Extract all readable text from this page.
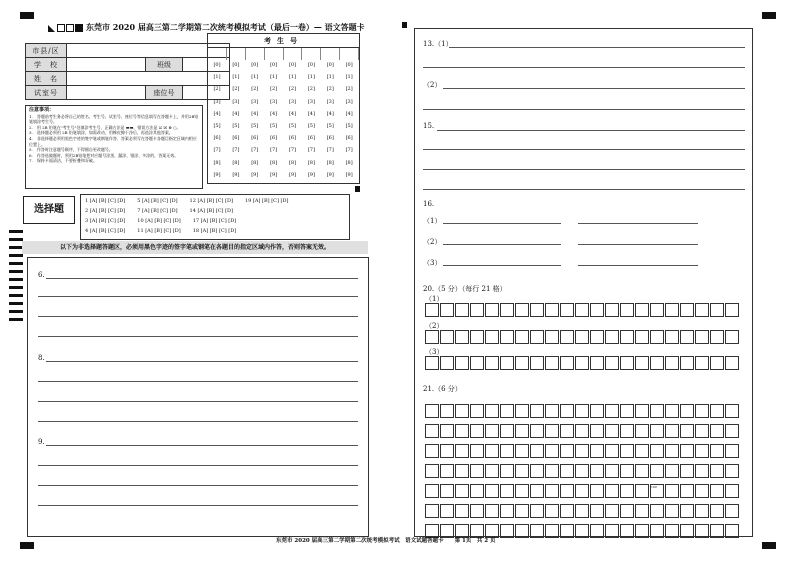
东莞市 2020 届高三第二学期第二次统考模拟考试（最后一卷）— 语文答题卡
市县/区			
学　校		班级	
姓　名			
试室号		座位号	
注意事项：
1.　答题前考生务必将自己的姓名、考生号、试室号、座位号等信息填写在答题卡上，并用2B铅笔填涂考生号。
2.　用 2B 铅笔在"考生号"处填涂考生号，正确方法是 ▬▬，错误方法是 ☑ ☒ ⊗ ○。
3.　选择题必须用 2B 铅笔填涂，如需改动，用橡皮擦干净后，再选涂其他答案。
4.　非选择题必须用黑色字迹的签字笔或钢笔作答，答案必须写在答题卡各题目指定区域内相应位置上。
5.　作答时注意题号顺序，不得擅自更改题号。
6.　作答选做题时，须用2B铅笔把对应题号涂黑，漏涂、错涂、多涂的，答案无效。
7.　保持卡面清洁，不要折叠和弄破。
考生号
[0]	[0]	[0]	[0]	[0]	[0]	[0]	[0]
[1]	[1]	[1]	[1]	[1]	[1]	[1]	[1]
[2]	[2]	[2]	[2]	[2]	[2]	[2]	[2]
[3]	[3]	[3]	[3]	[3]	[3]	[3]	[3]
[4]	[4]	[4]	[4]	[4]	[4]	[4]	[4]
[5]	[5]	[5]	[5]	[5]	[5]	[5]	[5]
[6]	[6]	[6]	[6]	[6]	[6]	[6]	[6]
[7]	[7]	[7]	[7]	[7]	[7]	[7]	[7]
[8]	[8]	[8]	[8]	[8]	[8]	[8]	[8]
[9]	[9]	[9]	[9]	[9]	[9]	[9]	[9]
选择题
1 [A] [B] [C] [D] 5 [A] [B] [C] [D] 12 [A] [B] [C] [D] 19 [A] [B] [C] [D]
2 [A] [B] [C] [D] 7 [A] [B] [C] [D] 14 [A] [B] [C] [D]
3 [A] [B] [C] [D] 10 [A] [B] [C] [D] 17 [A] [B] [C] [D]
4 [A] [B] [C] [D] 11 [A] [B] [C] [D] 18 [A] [B] [C] [D]
以下为非选择题答题区，必须用黑色字迹的签字笔或钢笔在各题目的指定区域内作答，否则答案无效。
6.
8.
9.
13.（1）
（2）
15.
16.
（1）
（2）
（3）
20.（5 分）（每行 21 格）
（1）
（2）
（3）
21.（6 分）
100
东莞市 2020 届高三第二学期第二次统考模拟考试　语文试题答题卡　　第 1页　共 2 页
